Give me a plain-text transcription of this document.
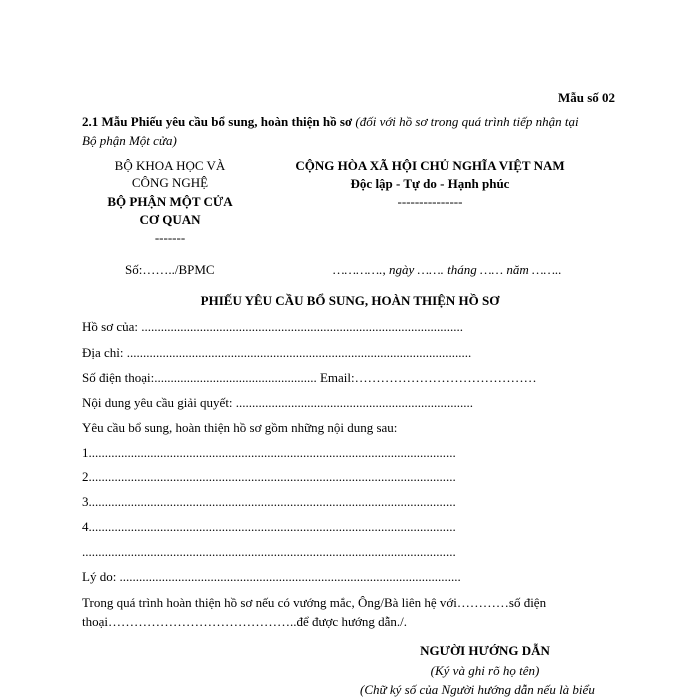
Mẫu số 02
2.1 Mẫu Phiếu yêu cầu bổ sung, hoàn thiện hồ sơ (đối với hồ sơ trong quá trình tiếp nhận tại
Bộ phận Một cửa)
BỘ KHOA HỌC VÀ
CÔNG NGHỆ
BỘ PHẬN MỘT CỬA
CƠ QUAN
-------
CỘNG HÒA XÃ HỘI CHỦ NGHĨA VIỆT NAM
Độc lập - Tự do - Hạnh phúc
---------------
Số:……../BPMC	…………., ngày ……. tháng …… năm ……..
PHIẾU YÊU CẦU BỔ SUNG, HOÀN THIỆN HỒ SƠ
Hồ sơ của: ...................................................................................................
Địa chỉ: ..........................................................................................................
Số điện thoại:.................................................. Email:……………………………………
Nội dung yêu cầu giải quyết: .........................................................................
Yêu cầu bổ sung, hoàn thiện hồ sơ gồm những nội dung sau:
1.................................................................................................................
2.................................................................................................................
3.................................................................................................................
4.................................................................................................................
...................................................................................................................
Lý do: .........................................................................................................
Trong quá trình hoàn thiện hồ sơ nếu có vướng mắc, Ông/Bà liên hệ với…………số điện
thoại……………………………………..để được hướng dẫn./.
NGƯỜI HƯỚNG DẪN
(Ký và ghi rõ họ tên)
(Chữ ký số của Người hướng dẫn nếu là biểu
